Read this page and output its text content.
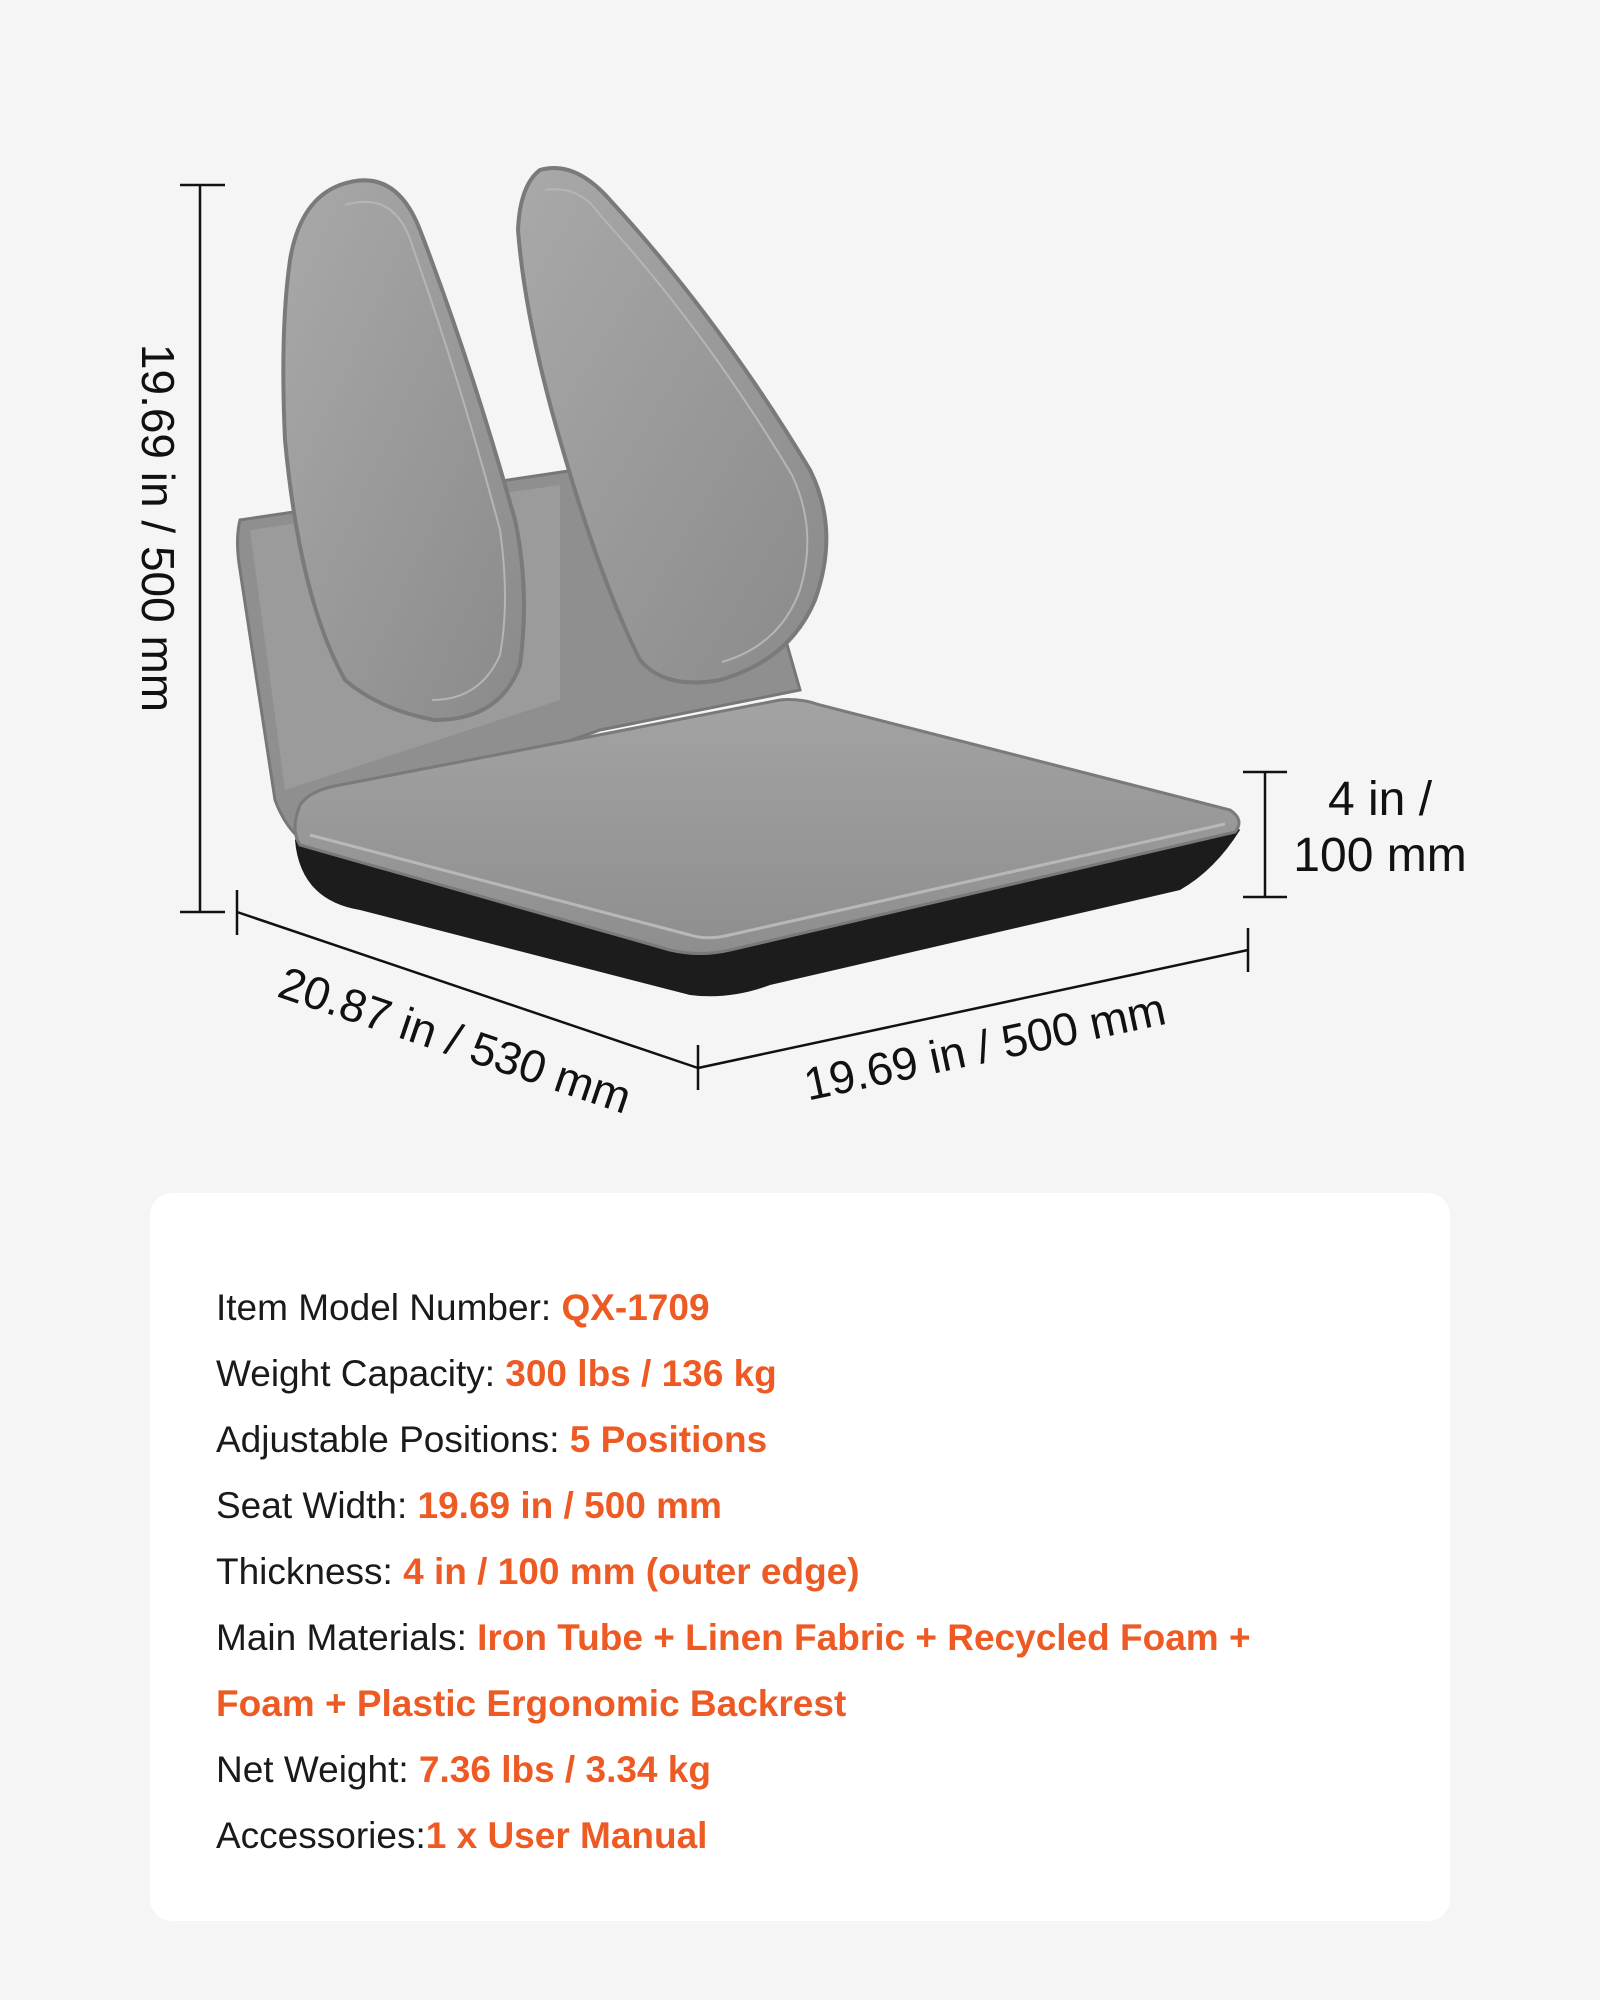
19.69 in / 500 mm
20.87 in / 530 mm	19.69 in / 500 mm
4 in /
100 mm
Item Model Number: QX-1709
Weight Capacity: 300 lbs / 136 kg
Adjustable Positions: 5 Positions
Seat Width: 19.69 in / 500 mm
Thickness: 4 in / 100 mm (outer edge)
Main Materials: Iron Tube + Linen Fabric + Recycled Foam +
Foam + Plastic Ergonomic Backrest
Net Weight: 7.36 lbs / 3.34 kg
Accessories:1 x User Manual
